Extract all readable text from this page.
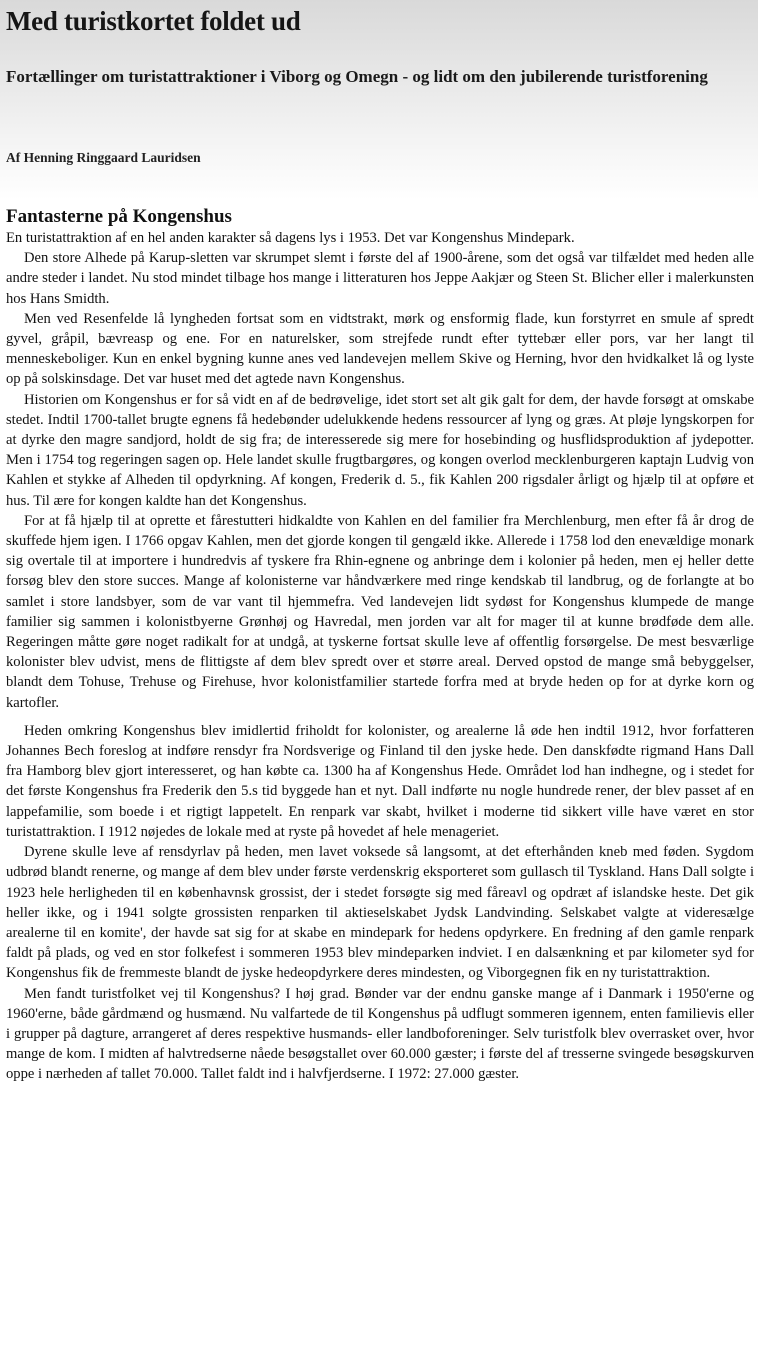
Med turistkortet foldet ud
Fortællinger om turistattraktioner i Viborg og Omegn - og lidt om den jubilerende turistforening
Af Henning Ringgaard Lauridsen
Fantasterne på Kongenshus

En turistattraktion af en hel anden karakter så dagens lys i 1953. Det var Kongenshus Mindepark.

Den store Alhede på Karup-sletten var skrumpet slemt i første del af 1900-årene, som det også var tilfældet med heden alle andre steder i landet. Nu stod mindet tilbage hos mange i litteraturen hos Jeppe Aakjær og Steen St. Blicher eller i malerkunsten hos Hans Smidth.

Men ved Resenfelde lå lyngheden fortsat som en vidtstrakt, mørk og ensformig flade, kun forstyrret en smule af spredt gyvel, gråpil, bævreasp og ene. For en naturelsker, som strejfede rundt efter tyttebær eller pors, var her langt til menneskeboliger. Kun en enkel bygning kunne anes ved landevejen mellem Skive og Herning, hvor den hvidkalket lå og lyste op på solskinsdage. Det var huset med det agtede navn Kongenshus.

Historien om Kongenshus er for så vidt en af de bedrøvelige, idet stort set alt gik galt for dem, der havde forsøgt at omskabe stedet. Indtil 1700-tallet brugte egnens få hedebønder udelukkende hedens ressourcer af lyng og græs. At pløje lyngskorpen for at dyrke den magre sandjord, holdt de sig fra; de interesserede sig mere for hosebinding og husflidsproduktion af jydepotter. Men i 1754 tog regeringen sagen op. Hele landet skulle frugtbargøres, og kongen overlod mecklenburgeren kaptajn Ludvig von Kahlen et stykke af Alheden til opdyrkning. Af kongen, Frederik d. 5., fik Kahlen 200 rigsdaler årligt og hjælp til at opføre et hus. Til ære for kongen kaldte han det Kongenshus.

For at få hjælp til at oprette et fårestutteri hidkaldte von Kahlen en del familier fra Merchlenburg, men efter få år drog de skuffede hjem igen. I 1766 opgav Kahlen, men det gjorde kongen til gengæld ikke. Allerede i 1758 lod den enevældige monark sig overtale til at importere i hundredvis af tyskere fra Rhin-egnene og anbringe dem i kolonier på heden, men ej heller dette forsøg blev den store succes. Mange af kolonisterne var håndværkere med ringe kendskab til landbrug, og de forlangte at bo samlet i store landsbyer, som de var vant til hjemmefra. Ved landevejen lidt sydøst for Kongenshus klumpede de mange familier sig sammen i kolonistbyerne Grønhøj og Havredal, men jorden var alt for mager til at kunne brødføde dem alle. Regeringen måtte gøre noget radikalt for at undgå, at tyskerne fortsat skulle leve af offentlig forsørgelse. De mest besværlige kolonister blev udvist, mens de flittigste af dem blev spredt over et større areal. Derved opstod de mange små bebyggelser, blandt dem Tohuse, Trehuse og Firehuse, hvor kolonistfamilier startede forfra med at bryde heden op for at dyrke korn og kartofler.

Heden omkring Kongenshus blev imidlertid friholdt for kolonister, og arealerne lå øde hen indtil 1912, hvor forfatteren Johannes Bech foreslog at indføre rensdyr fra Nordsverige og Finland til den jyske hede. Den danskfødte rigmand Hans Dall fra Hamborg blev gjort interesseret, og han købte ca. 1300 ha af Kongenshus Hede. Området lod han indhegne, og i stedet for det første Kongenshus fra Frederik den 5.s tid byggede han et nyt. Dall indførte nu nogle hundrede rener, der blev passet af en lappefamilie, som boede i et rigtigt lappetelt. En renpark var skabt, hvilket i moderne tid sikkert ville have været en stor turistattraktion. I 1912 nøjedes de lokale med at ryste på hovedet af hele menageriet.

Dyrene skulle leve af rensdyrlav på heden, men lavet voksede så langsomt, at det efterhånden kneb med føden. Sygdom udbrød blandt renerne, og mange af dem blev under første verdenskrig eksporteret som gullasch til Tyskland. Hans Dall solgte i 1923 hele herligheden til en københavnsk grossist, der i stedet forsøgte sig med fåreavl og opdræt af islandske heste. Det gik heller ikke, og i 1941 solgte grossisten renparken til aktieselskabet Jydsk Landvinding. Selskabet valgte at videresælge arealerne til en komite', der havde sat sig for at skabe en mindepark for hedens opdyrkere. En fredning af den gamle renpark faldt på plads, og ved en stor folkefest i sommeren 1953 blev mindeparken indviet. I en dalsænkning et par kilometer syd for Kongenshus fik de fremmeste blandt de jyske hedeopdyrkere deres mindesten, og Viborgegnen fik en ny turistattraktion.

Men fandt turistfolket vej til Kongenshus? I høj grad. Bønder var der endnu ganske mange af i Danmark i 1950'erne og 1960'erne, både gårdmænd og husmænd. Nu valfartede de til Kongenshus på udflugt sommeren igennem, enten familievis eller i grupper på dagture, arrangeret af deres respektive husmands- eller landboforeninger. Selv turistfolk blev overrasket over, hvor mange de kom. I midten af halvtredserne nåede besøgstallet over 60.000 gæster; i første del af tresserne svingede besøgskurven oppe i nærheden af tallet 70.000. Tallet faldt ind i halvfjerdserne. I 1972: 27.000 gæster.
